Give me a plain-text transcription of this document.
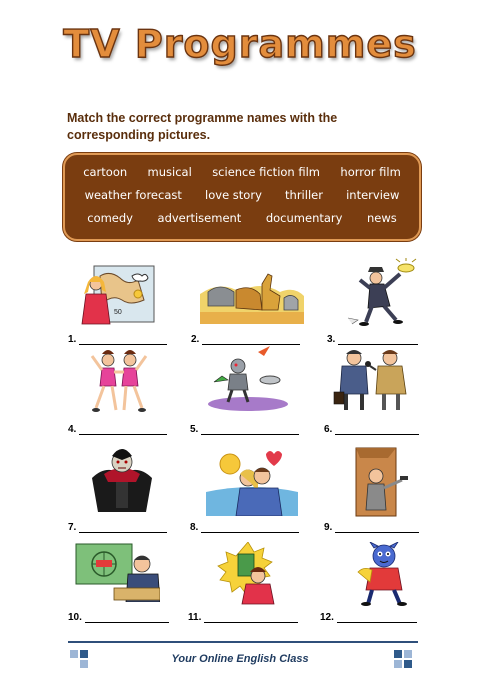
TV Programmes
Match the correct programme names with the corresponding pictures.
cartoon musical science fiction film horror film
weather forecast love story thriller interview
comedy advertisement documentary news
50
1.	2.	3.
4.	5.	6.
7.	8.	9.
10.	11.	12.
Your Online English Class
